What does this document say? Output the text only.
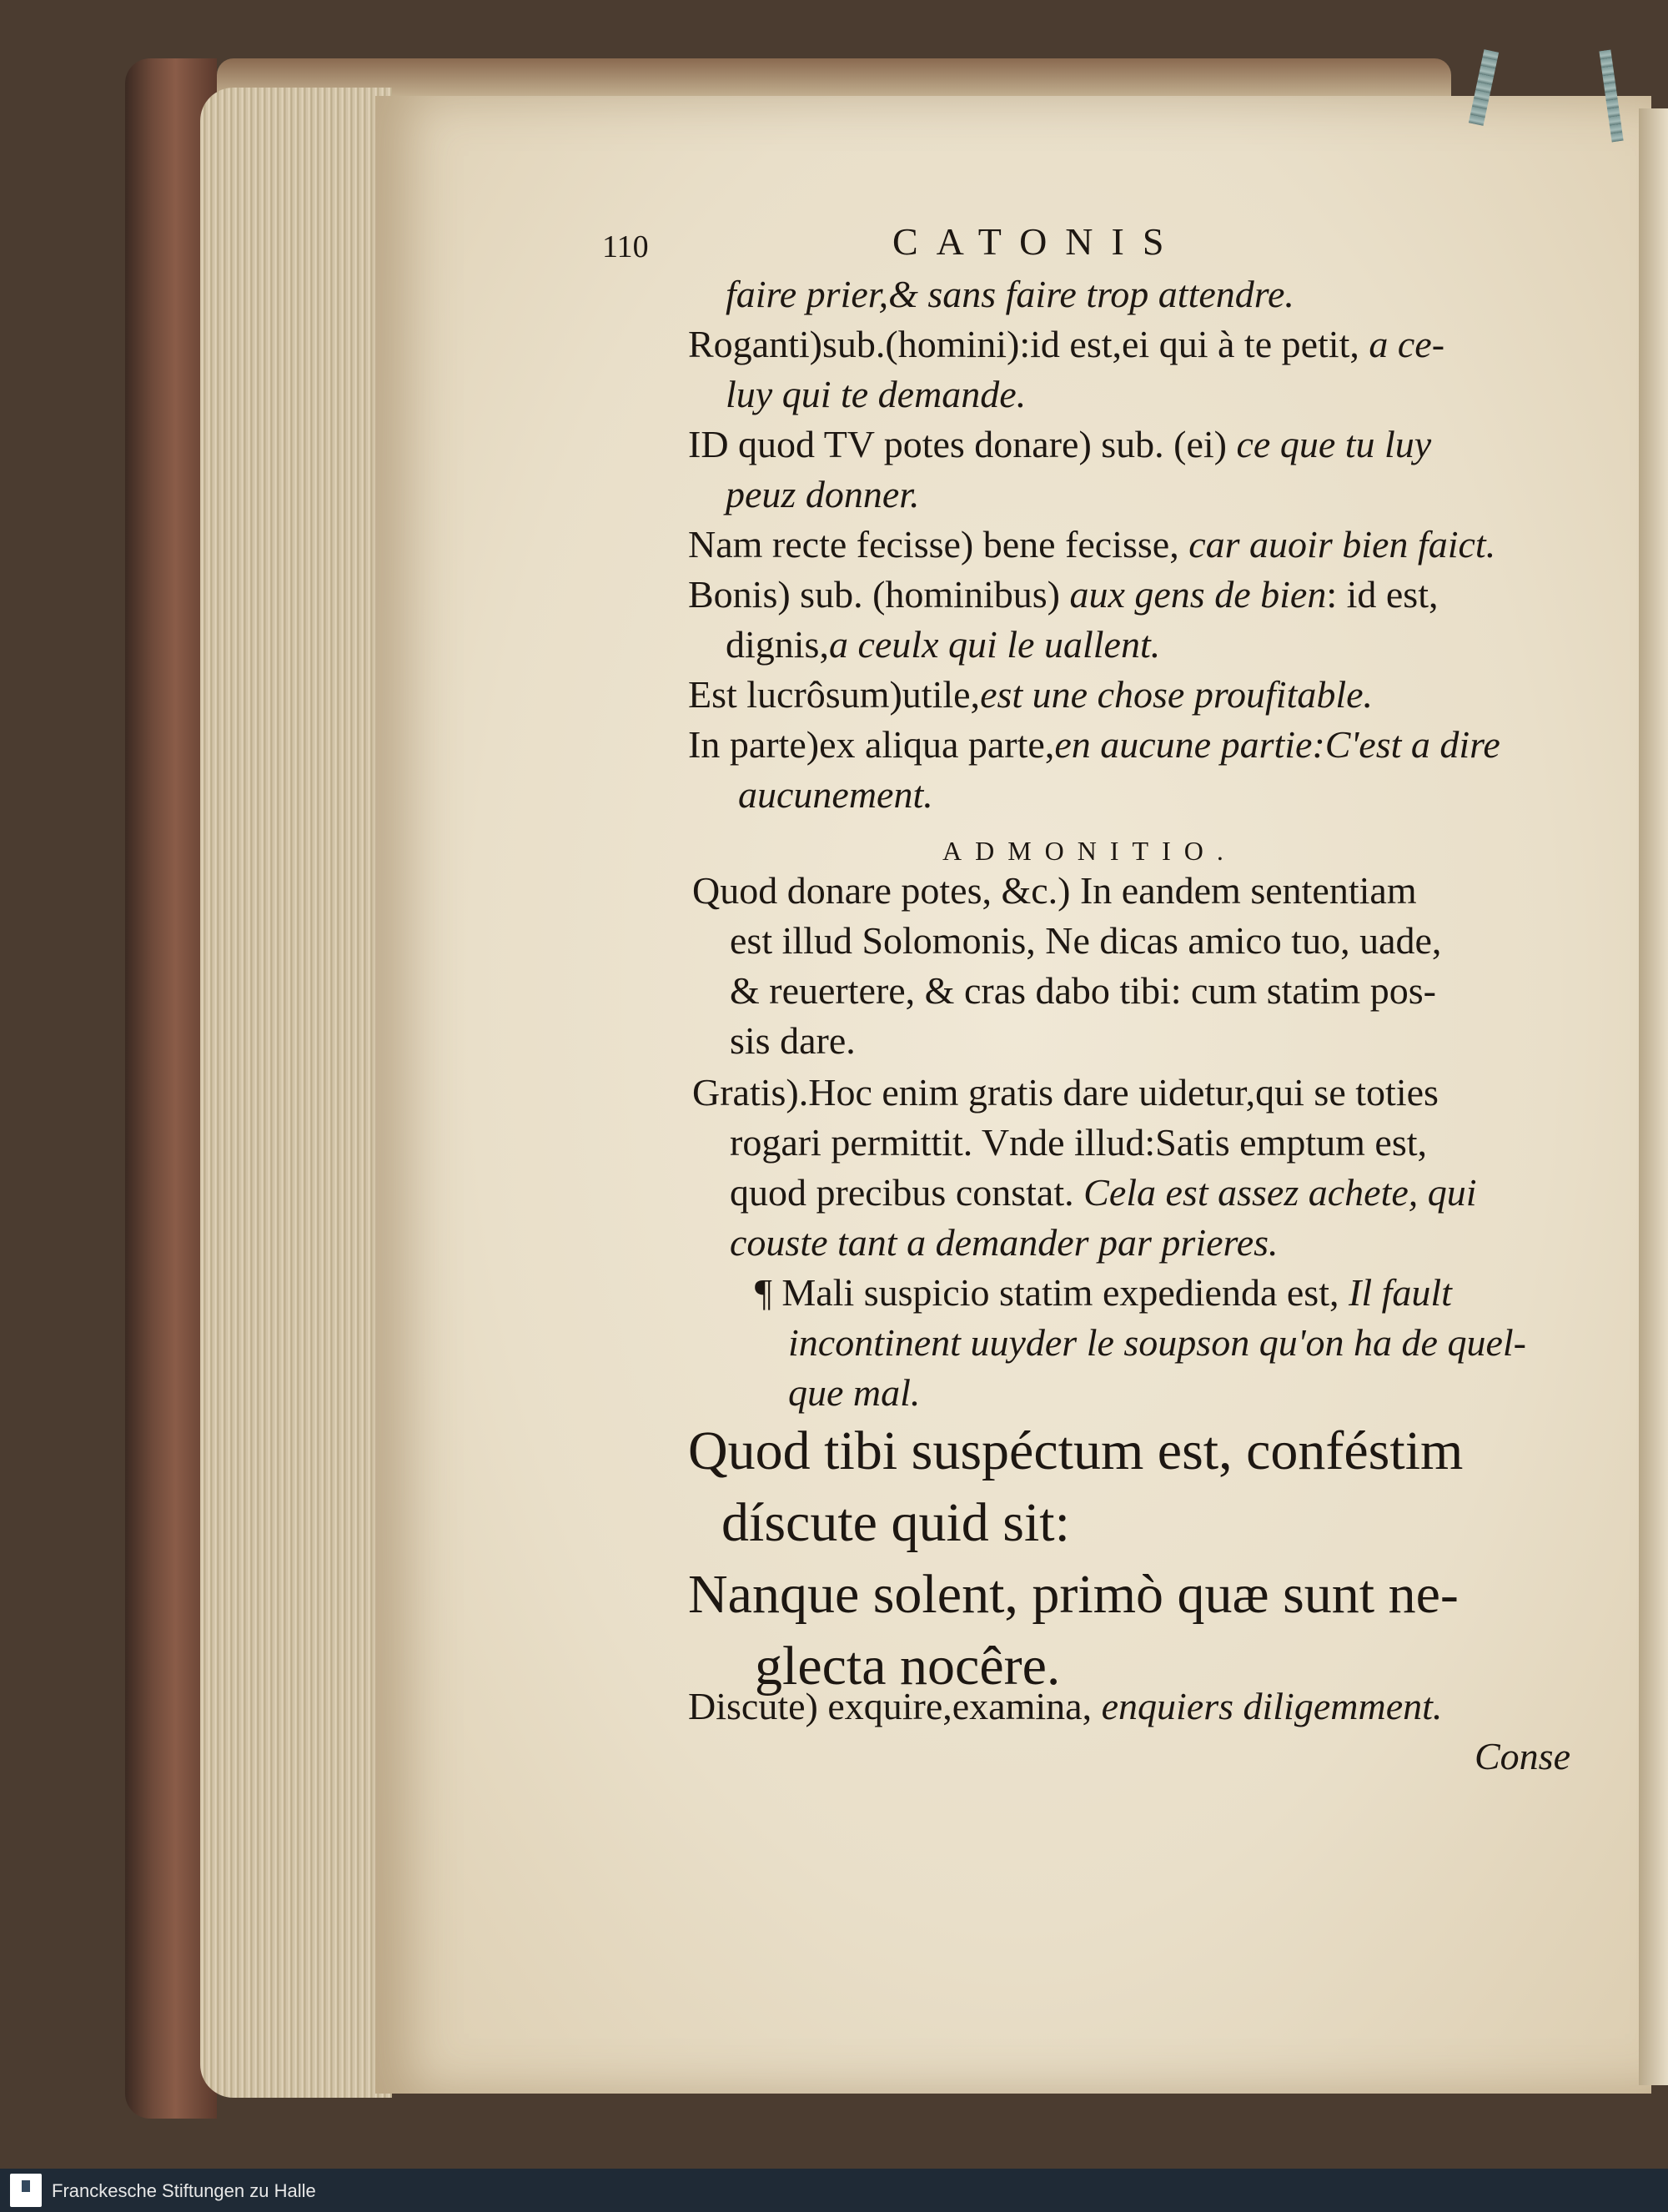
110	CATONIS
faire prier,& sans faire trop attendre.
Roganti)sub.(homini):id est,ei qui à te petit, a ce-
luy qui te demande.
ID quod TV potes donare) sub. (ei) ce que tu luy
peuz donner.
Nam recte fecisse) bene fecisse, car auoir bien faict.
Bonis) sub. (hominibus) aux gens de bien: id est,
dignis,a ceulx qui le uallent.
Est lucrôsum)utile,est une chose proufitable.
In parte)ex aliqua parte,en aucune partie:C'est a dire
aucunement.
ADMONITIO.
Quod donare potes, &c.) In eandem sententiam
est illud Solomonis, Ne dicas amico tuo, uade,
& reuertere, & cras dabo tibi: cum statim pos-
sis dare.
Gratis).Hoc enim gratis dare uidetur,qui se toties
rogari permittit. Vnde illud:Satis emptum est,
quod precibus constat. Cela est assez achete, qui
couste tant a demander par prieres.
¶ Mali suspicio statim expedienda est, Il fault
incontinent uuyder le soupson qu'on ha de quel-
que mal.
Quod tibi suspéctum est, conféstim
díscute quid sit:
Nanque solent, primò quæ sunt ne-
glecta nocêre.
Discute) exquire,examina, enquiers diligemment.
Conse
Franckesche Stiftungen zu Halle
